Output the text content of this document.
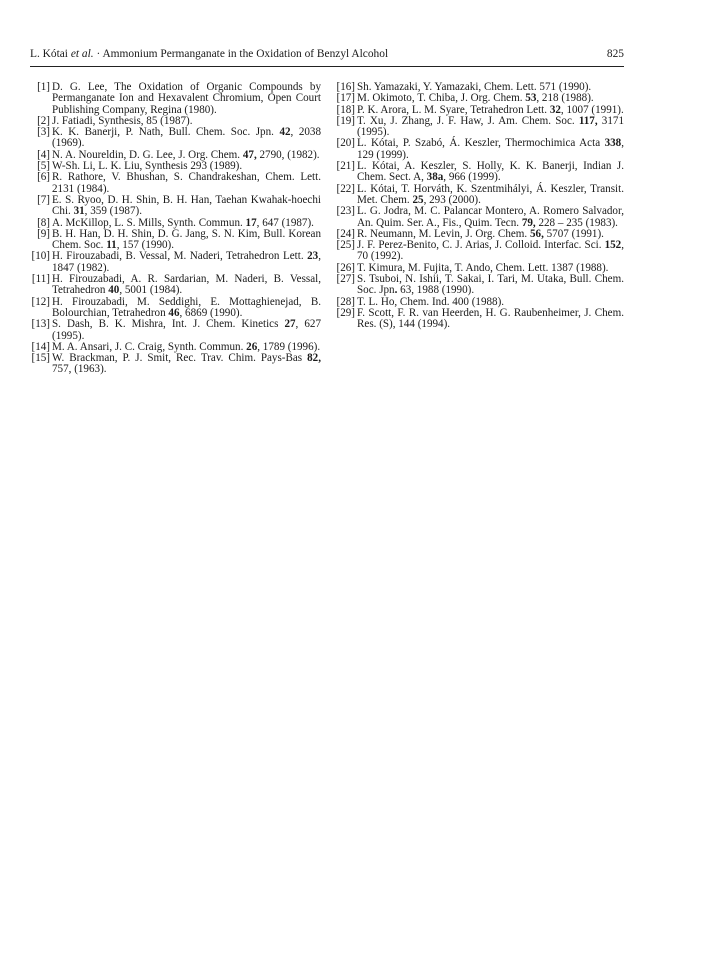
L. Kótai et al. · Ammonium Permanganate in the Oxidation of Benzyl Alcohol	825
[1] D. G. Lee, The Oxidation of Organic Compounds by Permanganate Ion and Hexavalent Chromium, Open Court Publishing Company, Regina (1980).
[2] J. Fatiadi, Synthesis, 85 (1987).
[3] K. K. Banerji, P. Nath, Bull. Chem. Soc. Jpn. 42, 2038 (1969).
[4] N. A. Noureldin, D. G. Lee, J. Org. Chem. 47, 2790, (1982).
[5] W-Sh. Li, L. K. Liu, Synthesis 293 (1989).
[6] R. Rathore, V. Bhushan, S. Chandrakeshan, Chem. Lett. 2131 (1984).
[7] E. S. Ryoo, D. H. Shin, B. H. Han, Taehan Kwahak-hoechi Chi. 31, 359 (1987).
[8] A. McKillop, L. S. Mills, Synth. Commun. 17, 647 (1987).
[9] B. H. Han, D. H. Shin, D. G. Jang, S. N. Kim, Bull. Korean Chem. Soc. 11, 157 (1990).
[10] H. Firouzabadi, B. Vessal, M. Naderi, Tetrahedron Lett. 23, 1847 (1982).
[11] H. Firouzabadi, A. R. Sardarian, M. Naderi, B. Vessal, Tetrahedron 40, 5001 (1984).
[12] H. Firouzabadi, M. Seddighi, E. Mottaghienejad, B. Bolourchian, Tetrahedron 46, 6869 (1990).
[13] S. Dash, B. K. Mishra, Int. J. Chem. Kinetics 27, 627 (1995).
[14] M. A. Ansari, J. C. Craig, Synth. Commun. 26, 1789 (1996).
[15] W. Brackman, P. J. Smit, Rec. Trav. Chim. Pays-Bas 82, 757, (1963).
[16] Sh. Yamazaki, Y. Yamazaki, Chem. Lett. 571 (1990).
[17] M. Okimoto, T. Chiba, J. Org. Chem. 53, 218 (1988).
[18] P. K. Arora, L. M. Syare, Tetrahedron Lett. 32, 1007 (1991).
[19] T. Xu, J. Zhang, J. F. Haw, J. Am. Chem. Soc. 117, 3171 (1995).
[20] L. Kótai, P. Szabó, Á. Keszler, Thermochimica Acta 338, 129 (1999).
[21] L. Kótai, A. Keszler, S. Holly, K. K. Banerji, Indian J. Chem. Sect. A, 38a, 966 (1999).
[22] L. Kótai, T. Horváth, K. Szentmihályi, Á. Keszler, Transit. Met. Chem. 25, 293 (2000).
[23] L. G. Jodra, M. C. Palancar Montero, A. Romero Salvador, An. Quim. Ser. A., Fis., Quim. Tecn. 79, 228 – 235 (1983).
[24] R. Neumann, M. Levin, J. Org. Chem. 56, 5707 (1991).
[25] J. F. Perez-Benito, C. J. Arias, J. Colloid. Interfac. Sci. 152, 70 (1992).
[26] T. Kimura, M. Fujita, T. Ando, Chem. Lett. 1387 (1988).
[27] S. Tsuboi, N. Ishii, T. Sakai, I. Tari, M. Utaka, Bull. Chem. Soc. Jpn. 63, 1988 (1990).
[28] T. L. Ho, Chem. Ind. 400 (1988).
[29] F. Scott, F. R. van Heerden, H. G. Raubenheimer, J. Chem. Res. (S), 144 (1994).
